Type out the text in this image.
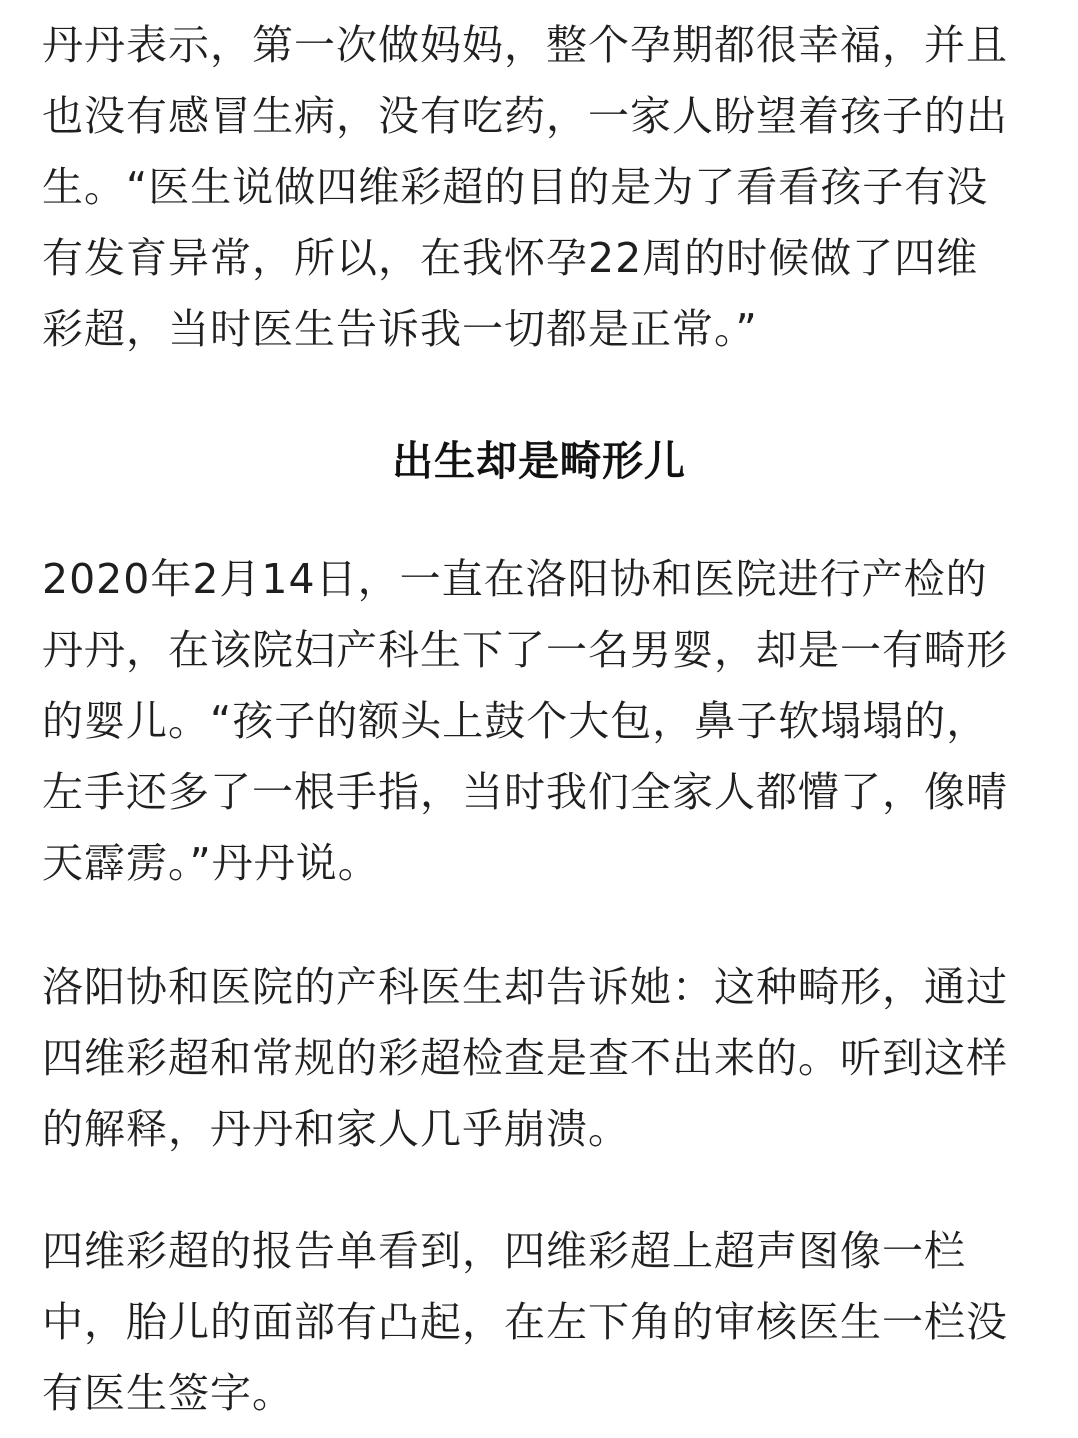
丹丹表示，第一次做妈妈，整个孕期都很幸福，并且
也没有感冒生病，没有吃药，一家人盼望着孩子的出
生。“医生说做四维彩超的目的是为了看看孩子有没
有发育异常，所以，在我怀孕22周的时候做了四维
彩超，当时医生告诉我一切都是正常。”

出生却是畸形儿

2020年2月14日，一直在洛阳协和医院进行产检的
丹丹，在该院妇产科生下了一名男婴，却是一有畸形
的婴儿。“孩子的额头上鼓个大包，鼻子软塌塌的，
左手还多了一根手指，当时我们全家人都懵了，像晴
天霹雳。”丹丹说。

洛阳协和医院的产科医生却告诉她：这种畸形，通过
四维彩超和常规的彩超检查是查不出来的。听到这样
的解释，丹丹和家人几乎崩溃。

四维彩超的报告单看到，四维彩超上超声图像一栏
中，胎儿的面部有凸起，在左下角的审核医生一栏没
有医生签字。
